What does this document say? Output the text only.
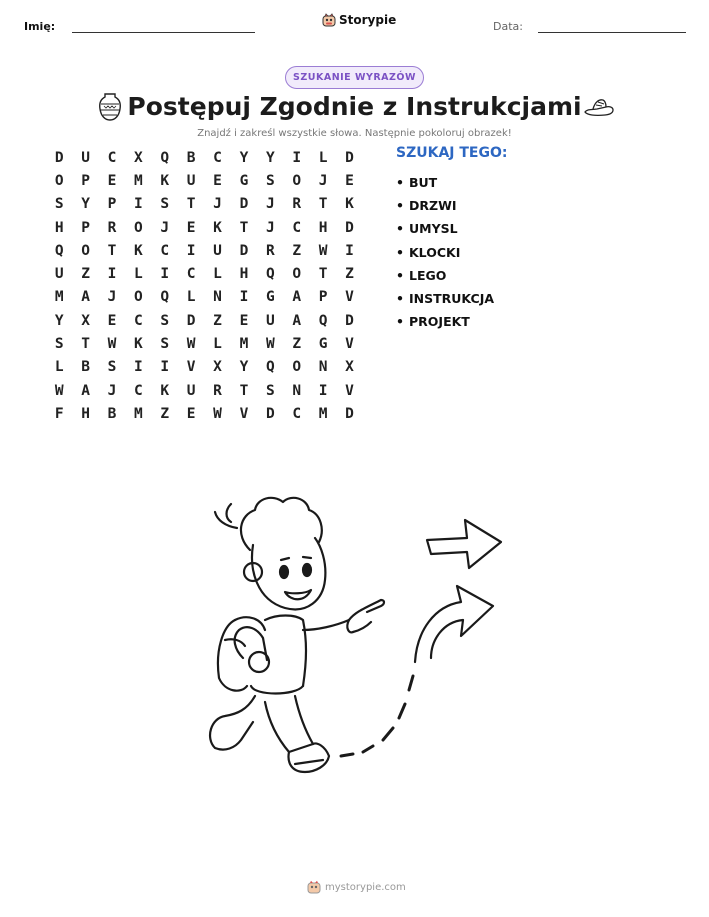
Imię:	Storypie	Data:
SZUKANIE WYRAZÓW
Postępuj Zgodnie z Instrukcjami
Znajdź i zakreśl wszystkie słowa. Następnie pokoloruj obrazek!
D	U	C	X	Q	B	C	Y	Y	I	L	D
O	P	E	M	K	U	E	G	S	O	J	E
S	Y	P	I	S	T	J	D	J	R	T	K
H	P	R	O	J	E	K	T	J	C	H	D
Q	O	T	K	C	I	U	D	R	Z	W	I
U	Z	I	L	I	C	L	H	Q	O	T	Z
M	A	J	O	Q	L	N	I	G	A	P	V
Y	X	E	C	S	D	Z	E	U	A	Q	D
S	T	W	K	S	W	L	M	W	Z	G	V
L	B	S	I	I	V	X	Y	Q	O	N	X
W	A	J	C	K	U	R	T	S	N	I	V
F	H	B	M	Z	E	W	V	D	C	M	D
SZUKAJ TEGO:
• BUT
• DRZWI
• UMYSL
• KLOCKI
• LEGO
• INSTRUKCJA
• PROJEKT
mystorypie.com
